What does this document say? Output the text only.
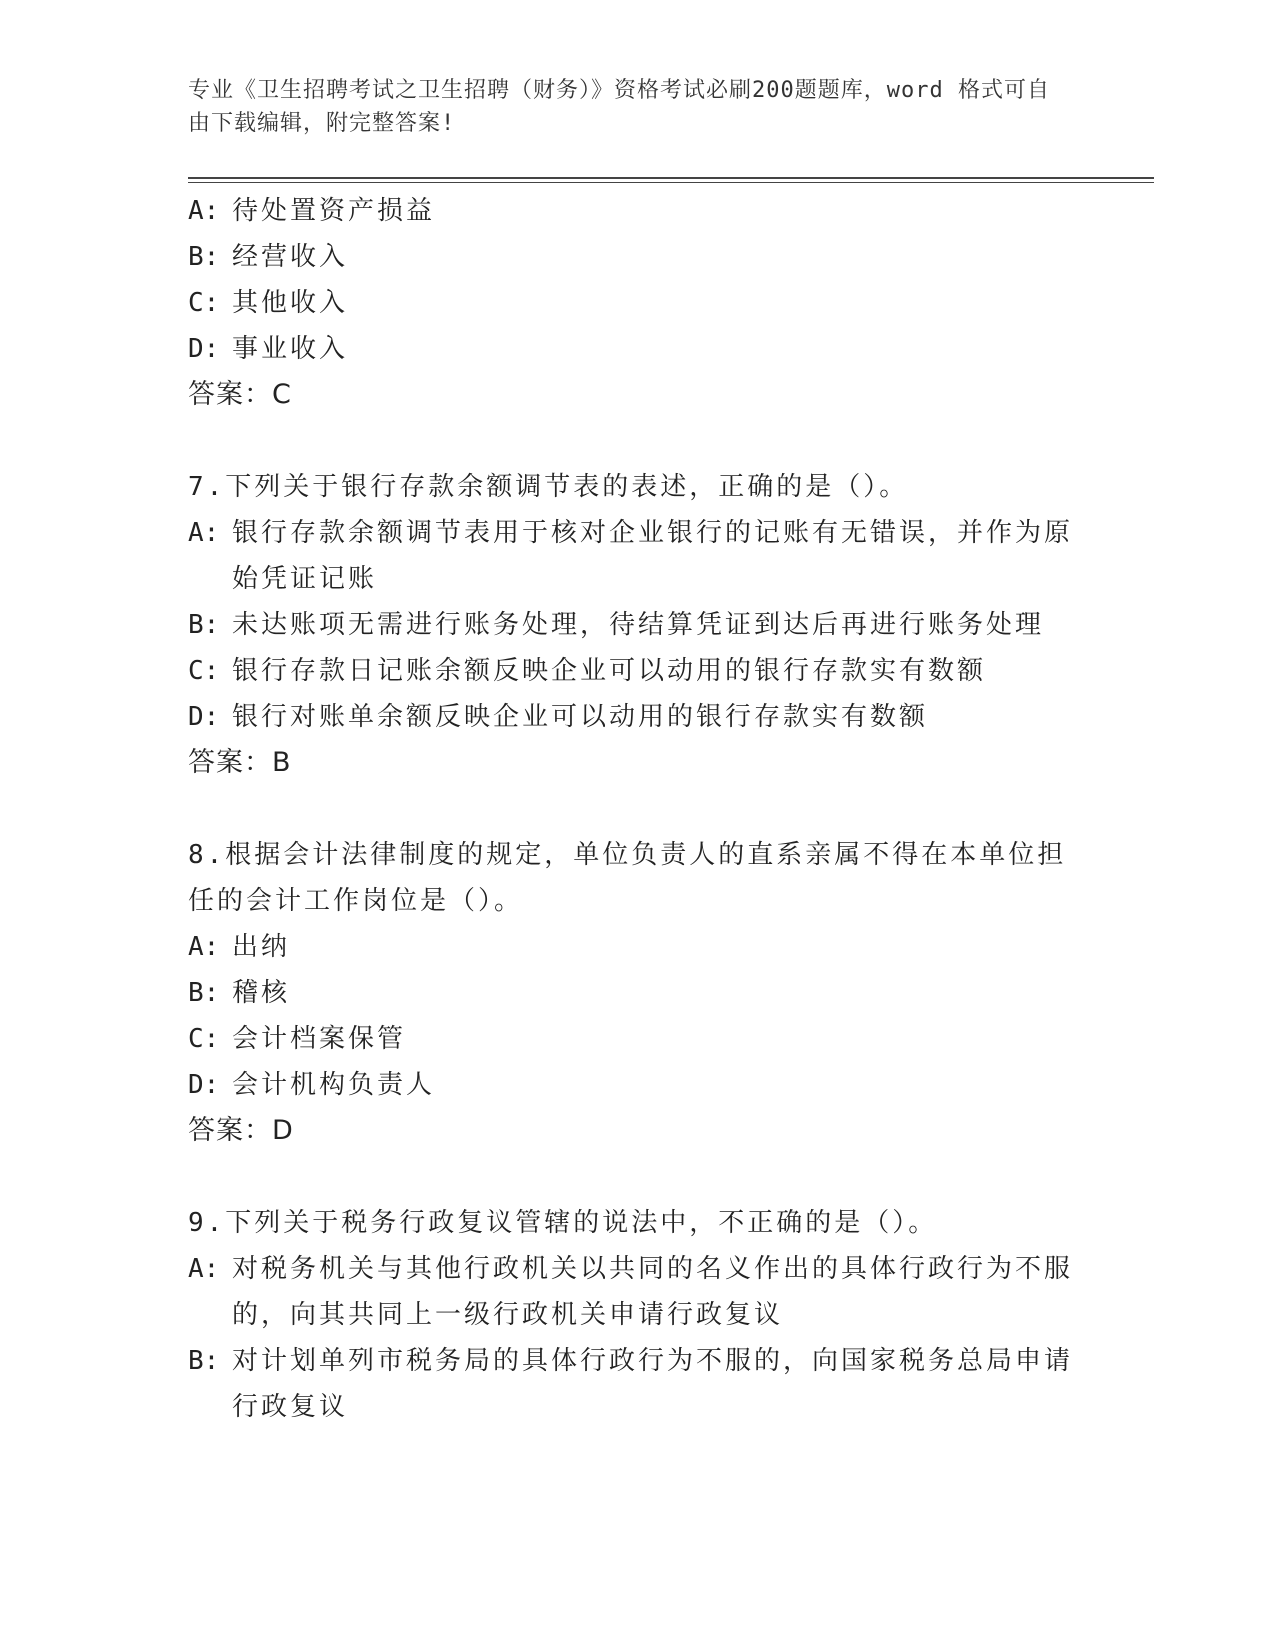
专业《卫生招聘考试之卫生招聘（财务）》资格考试必刷200题题库，word 格式可自由下载编辑，附完整答案!
A: 待处置资产损益
B: 经营收入
C: 其他收入
D: 事业收入
答案：C
7.下列关于银行存款余额调节表的表述，正确的是（）。
A: 银行存款余额调节表用于核对企业银行的记账有无错误，并作为原始凭证记账
B: 未达账项无需进行账务处理，待结算凭证到达后再进行账务处理
C: 银行存款日记账余额反映企业可以动用的银行存款实有数额
D: 银行对账单余额反映企业可以动用的银行存款实有数额
答案：B
8.根据会计法律制度的规定，单位负责人的直系亲属不得在本单位担任的会计工作岗位是（）。
A: 出纳
B: 稽核
C: 会计档案保管
D: 会计机构负责人
答案：D
9.下列关于税务行政复议管辖的说法中，不正确的是（）。
A: 对税务机关与其他行政机关以共同的名义作出的具体行政行为不服的，向其共同上一级行政机关申请行政复议
B: 对计划单列市税务局的具体行政行为不服的，向国家税务总局申请行政复议
